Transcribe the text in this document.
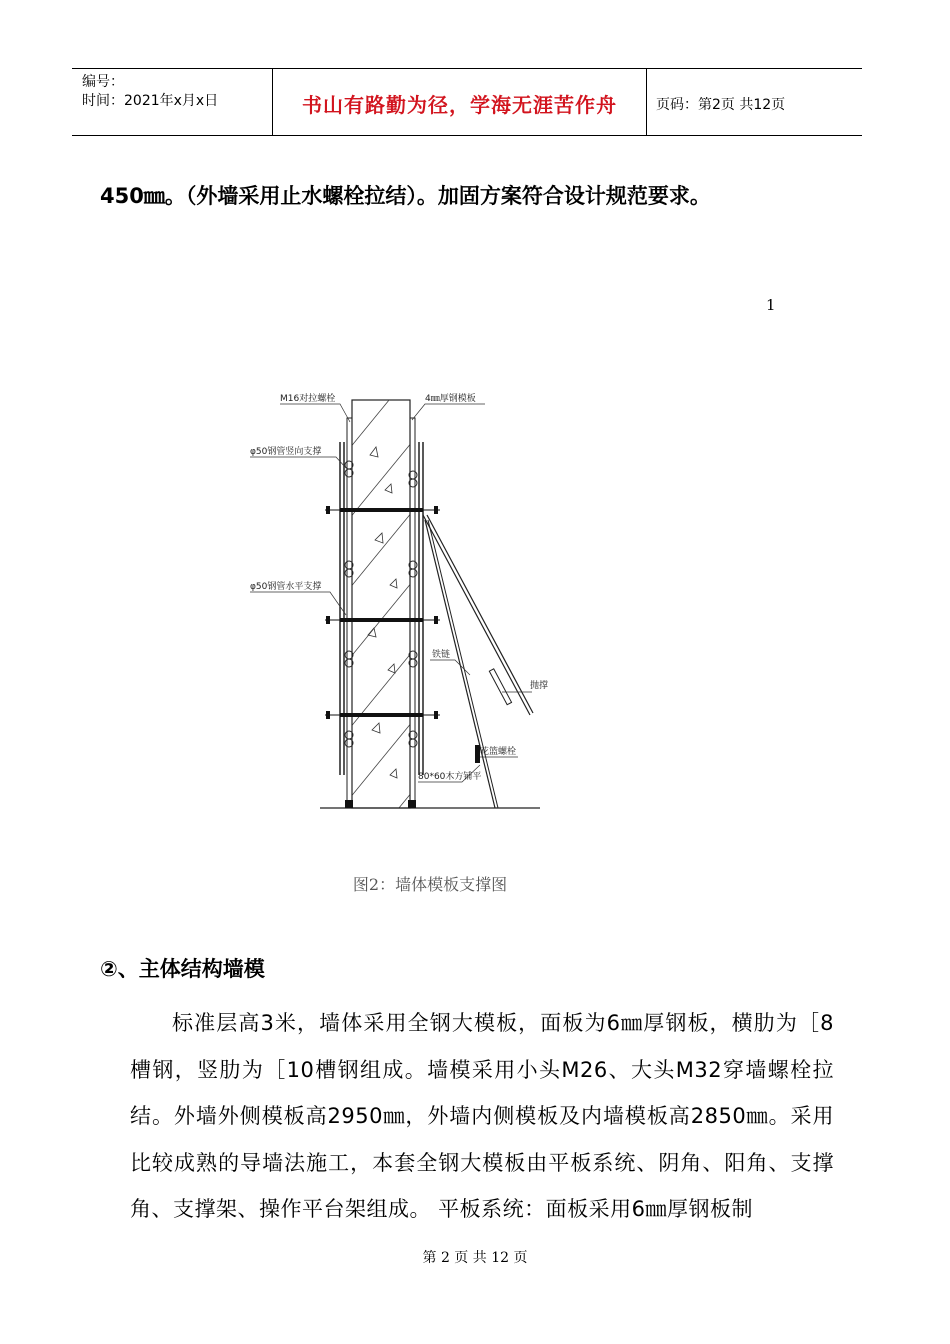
编号：
时间：2021年x月x日	书山有路勤为径，学海无涯苦作舟	页码：第2页 共12页
450㎜。（外墙采用止水螺栓拉结）。加固方案符合设计规范要求。
1
M16对拉螺栓	4㎜厚钢模板
φ50钢管竖向支撑
φ50钢管水平支撑
铁链
抛撑
花篮螺栓
80*60木方铺平
图2：墙体模板支撑图
②、主体结构墙模
标准层高3米，墙体采用全钢大模板，面板为6㎜厚钢板，横肋为［8槽钢，竖肋为［10槽钢组成。墙模采用小头M26、大头M32穿墙螺栓拉结。外墙外侧模板高2950㎜，外墙内侧模板及内墙模板高2850㎜。采用比较成熟的导墙法施工，本套全钢大模板由平板系统、阴角、阳角、支撑角、支撑架、操作平台架组成。 平板系统：面板采用6㎜厚钢板制
第 2 页 共 12 页
